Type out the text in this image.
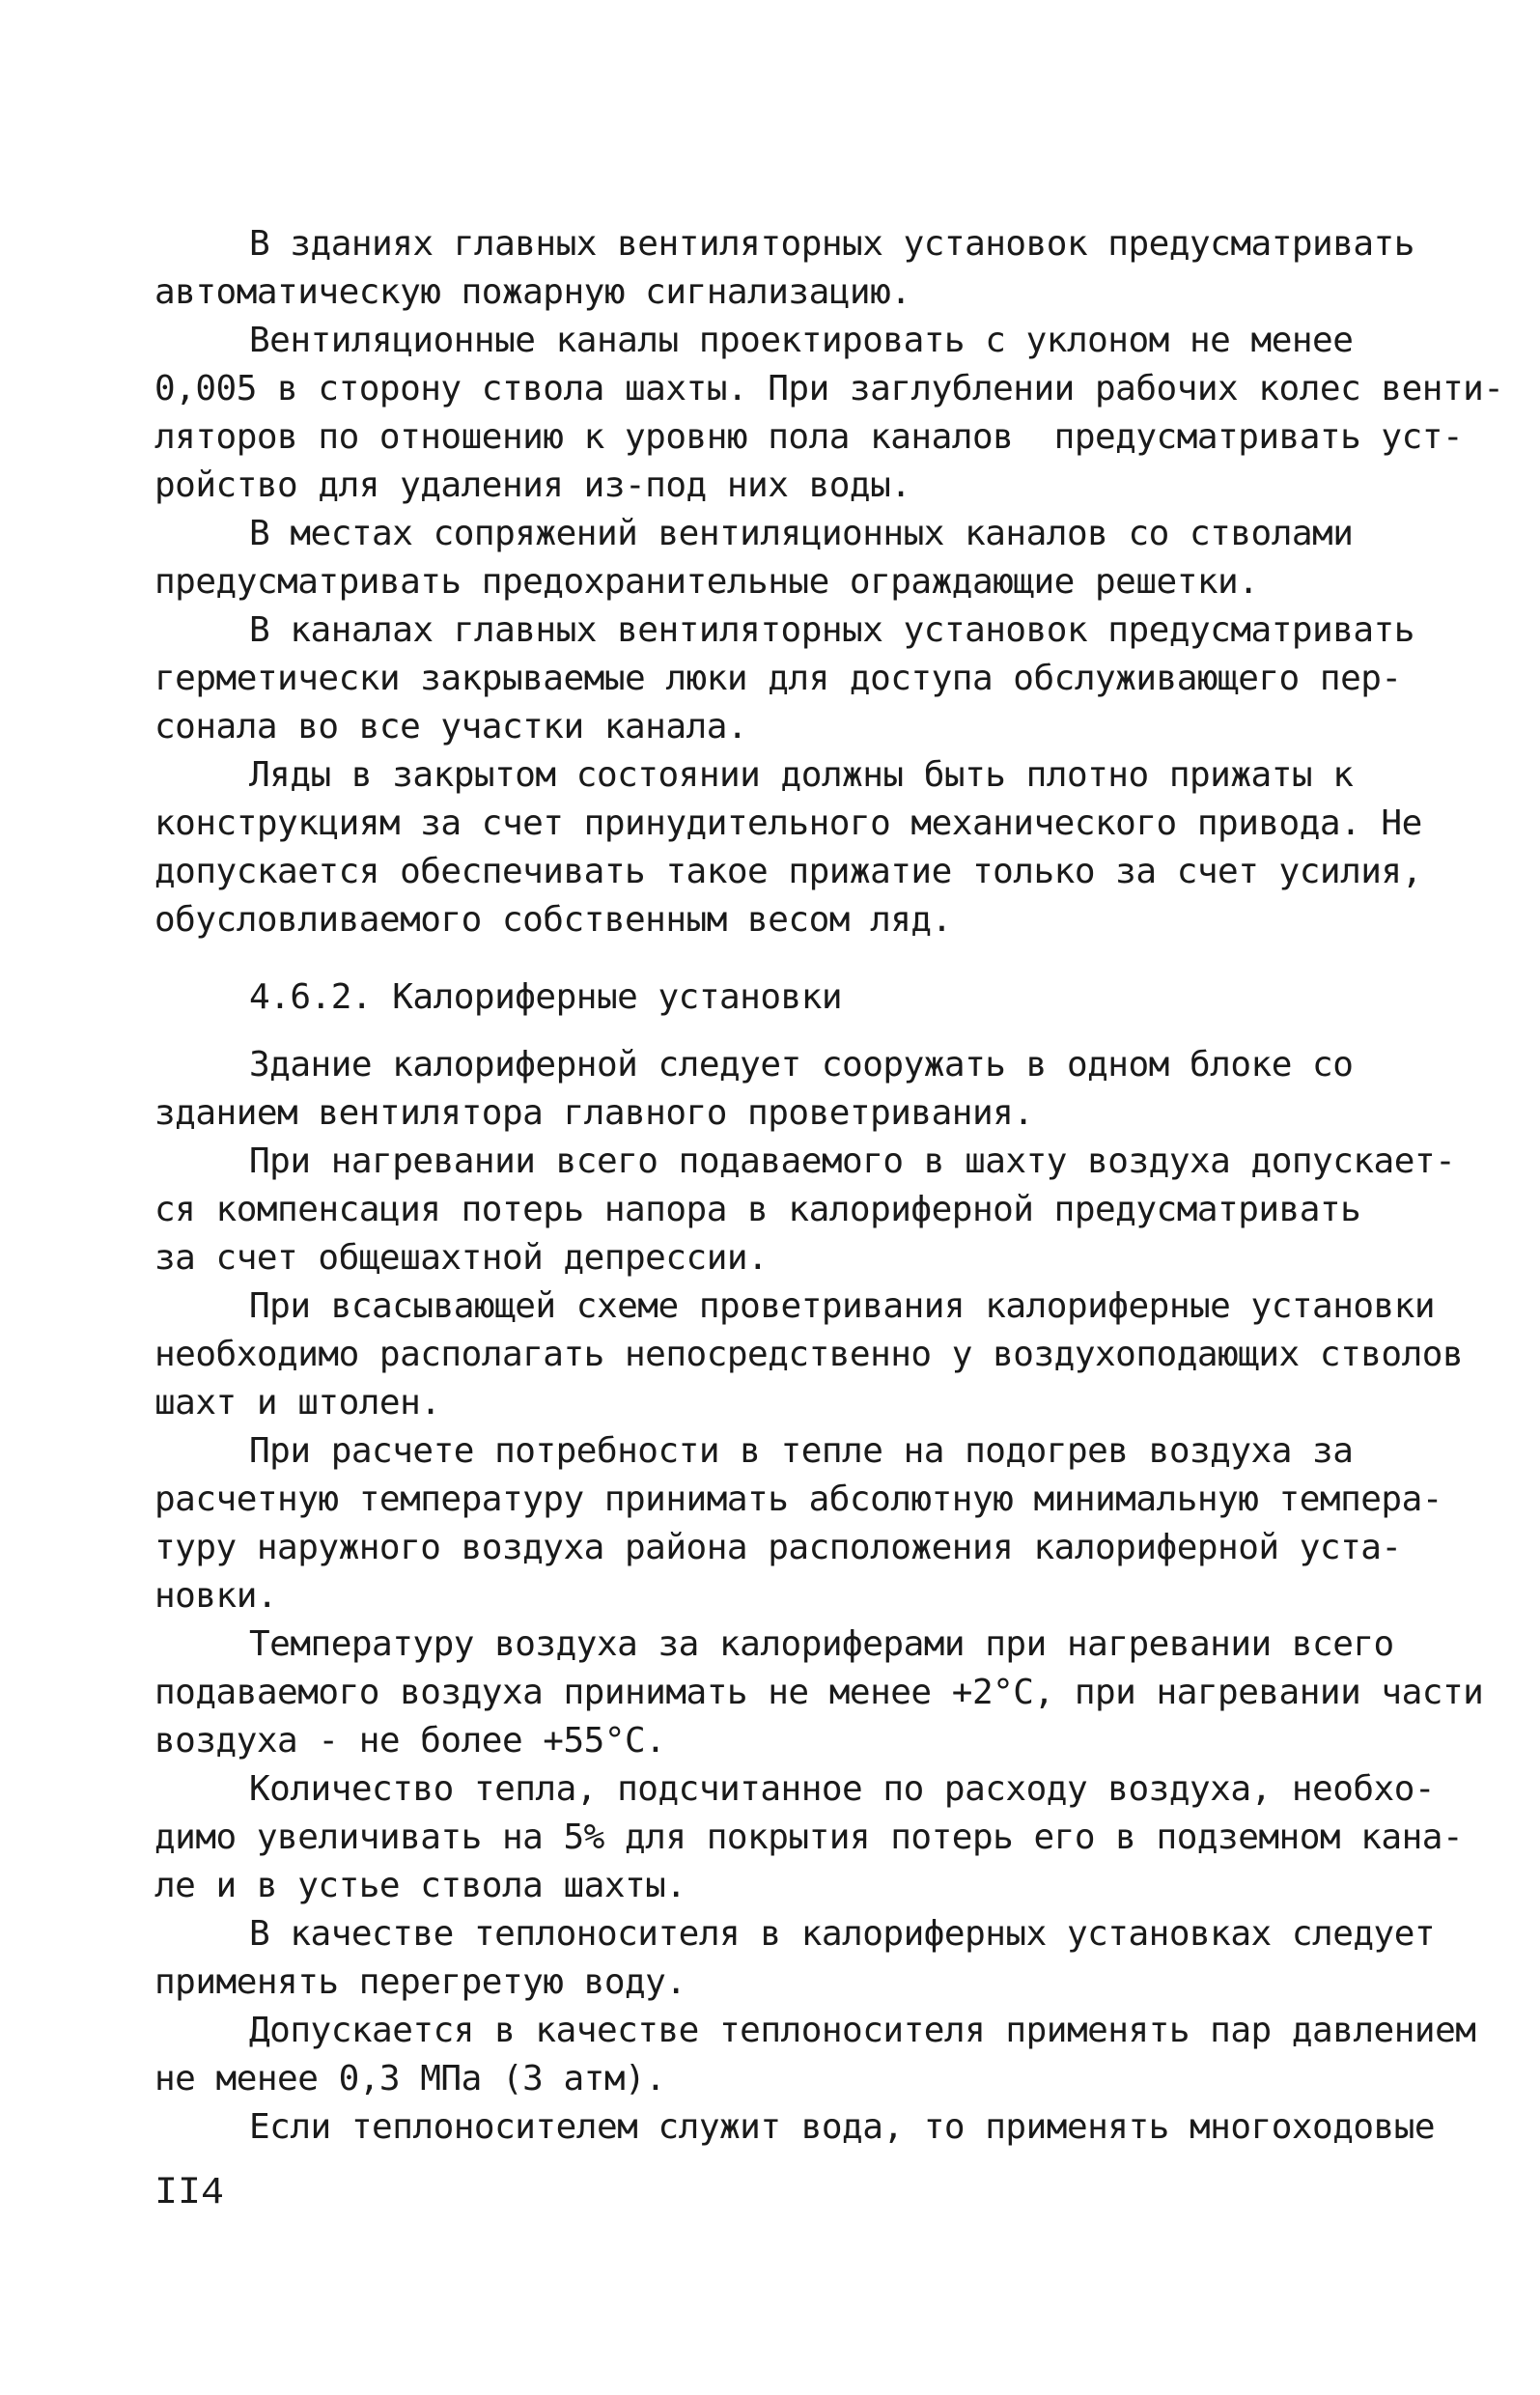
В зданиях главных вентиляторных установок предусматривать
автоматическую пожарную сигнализацию.
Вентиляционные каналы проектировать с уклоном не менее
0,005 в сторону ствола шахты. При заглублении рабочих колес венти-
ляторов по отношению к уровню пола каналов  предусматривать уст-
ройство для удаления из-под них воды.
В местах сопряжений вентиляционных каналов со стволами
предусматривать предохранительные ограждающие решетки.
В каналах главных вентиляторных установок предусматривать
герметически закрываемые люки для доступа обслуживающего пер-
сонала во все участки канала.
Ляды в закрытом состоянии должны быть плотно прижаты к
конструкциям за счет принудительного механического привода. Не
допускается обеспечивать такое прижатие только за счет усилия,
обусловливаемого собственным весом ляд.
4.6.2. Калориферные установки
Здание калориферной следует сооружать в одном блоке со
зданием вентилятора главного проветривания.
При нагревании всего подаваемого в шахту воздуха допускает-
ся компенсация потерь напора в калориферной предусматривать
за счет общешахтной депрессии.
При всасывающей схеме проветривания калориферные установки
необходимо располагать непосредственно у воздухоподающих стволов
шахт и штолен.
При расчете потребности в тепле на подогрев воздуха за
расчетную температуру принимать абсолютную минимальную темпера-
туру наружного воздуха района расположения калориферной уста-
новки.
Температуру воздуха за калориферами при нагревании всего
подаваемого воздуха принимать не менее +2°С, при нагревании части
воздуха - не более +55°С.
Количество тепла, подсчитанное по расходу воздуха, необхо-
димо увеличивать на 5% для покрытия потерь его в подземном кана-
ле и в устье ствола шахты.
В качестве теплоносителя в калориферных установках следует
применять перегретую воду.
Допускается в качестве теплоносителя применять пар давлением
не менее 0,3 МПа (3 атм).
Если теплоносителем служит вода, то применять многоходовые
II4
